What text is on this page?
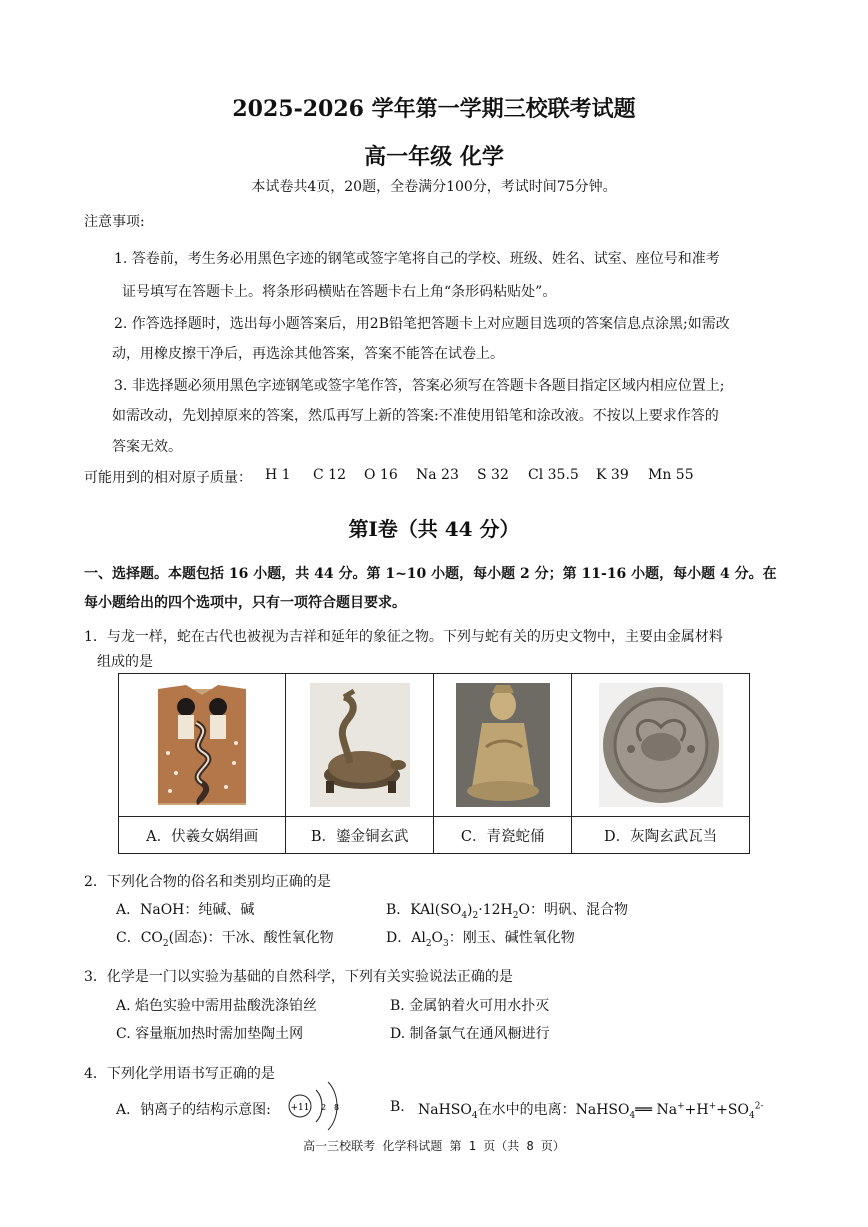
2025-2026 学年第一学期三校联考试题
高一年级 化学
本试卷共4页，20题，全卷满分100分，考试时间75分钟。
注意事项:
1. 答卷前，考生务必用黑色字迹的钢笔或签字笔将自己的学校、班级、姓名、试室、座位号和准考
证号填写在答题卡上。将条形码横贴在答题卡右上角“条形码粘贴处”。
2. 作答选择题时，选出每小题答案后，用2B铅笔把答题卡上对应题目选项的答案信息点涂黑;如需改
动，用橡皮擦干净后，再选涂其他答案，答案不能答在试卷上。
3. 非选择题必须用黑色字迹钢笔或签字笔作答，答案必须写在答题卡各题目指定区域内相应位置上;
如需改动，先划掉原来的答案，然瓜再写上新的答案:不准使用铅笔和涂改液。不按以上要求作答的
答案无效。
可能用到的相对原子质量： H 1 C 12 O 16 Na 23 S 32 Cl 35.5 K 39 Mn 55
第Ⅰ卷（共 44 分）
一、选择题。本题包括 16 小题，共 44 分。第 1~10 小题，每小题 2 分；第 11-16 小题，每小题 4 分。在
每小题给出的四个选项中，只有一项符合题目要求。
1．与龙一样，蛇在古代也被视为吉祥和延年的象征之物。下列与蛇有关的历史文物中，主要由金属材料
组成的是

A．伏羲女娲绢画	B．鎏金铜玄武	C．青瓷蛇俑	D．灰陶玄武瓦当
2．下列化合物的俗名和类别均正确的是
A．NaOH：纯碱、碱	B．$KAl(SO_4)_2\cdot 12H_2O$：明矾、混合物
C．$CO_2$(固态)：干冰、酸性氧化物	D．$Al_2O_3$：刚玉、碱性氧化物
3．化学是一门以实验为基础的自然科学，下列有关实验说法正确的是
A. 焰色实验中需用盐酸洗涤铂丝	B. 金属钠着火可用水扑灭
C. 容量瓶加热时需加垫陶土网	D. 制备氯气在通风橱进行
4．下列化学用语书写正确的是
A．钠离子的结构示意图: +11 2 8	B. NaHSO$_4$在水中的电离：NaHSO$_4$══ $Na^++H^++SO_4^{2-}$
高一三校联考 化学科试题 第 1 页（共 8 页）
